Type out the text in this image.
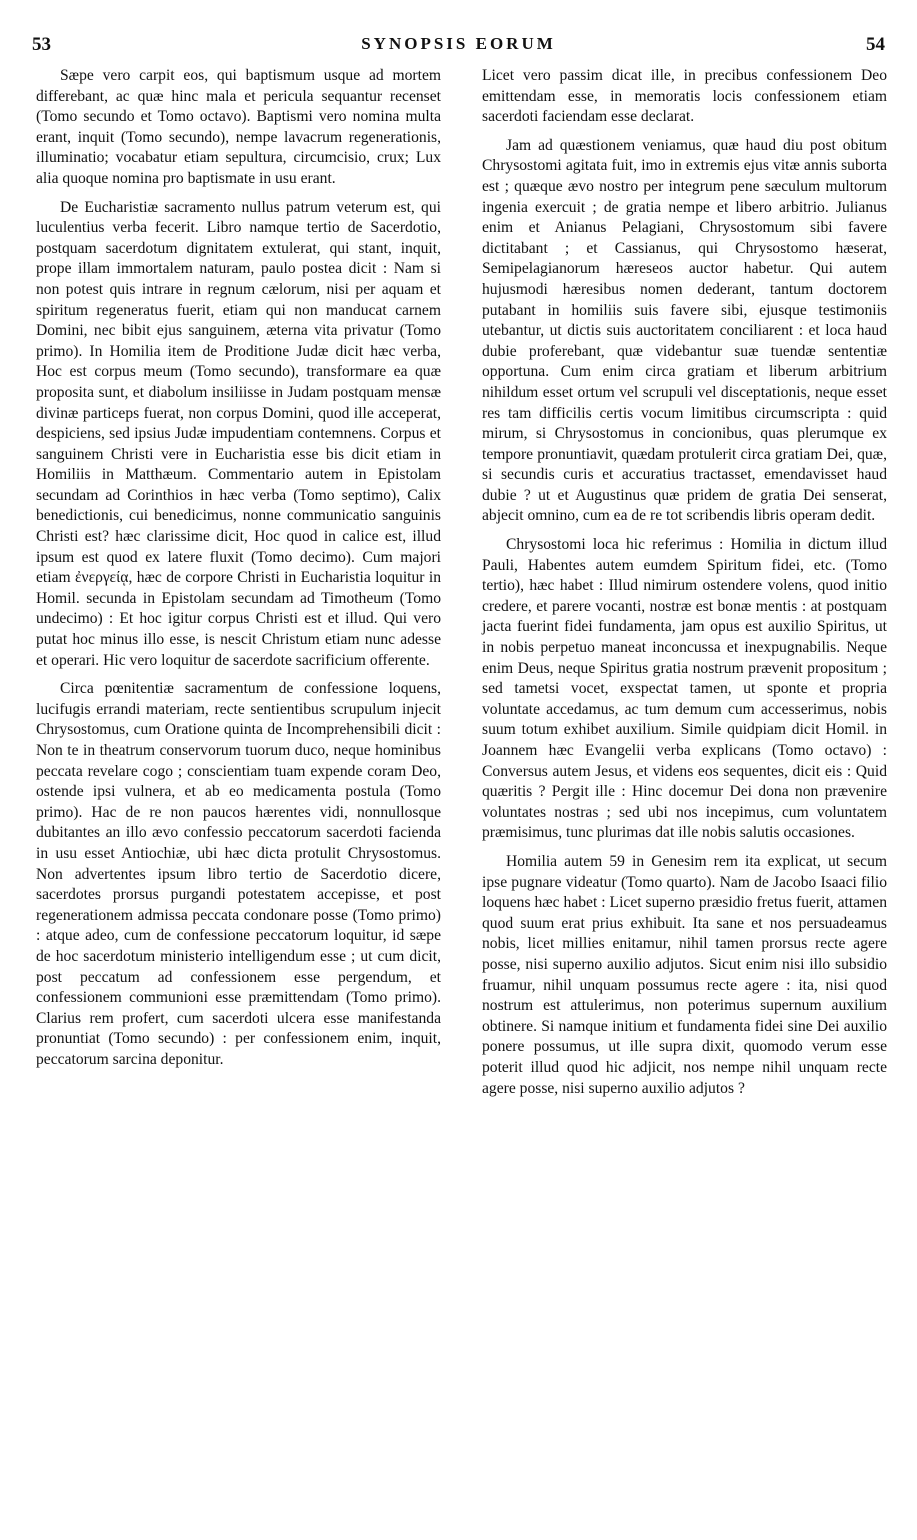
53	SYNOPSIS EORUM	54

Sæpe vero carpit eos, qui baptismum usque ad mortem differebant, ac quæ hinc mala et pericula sequantur recenset (Tomo secundo et Tomo octavo). Baptismi vero nomina multa erant, inquit (Tomo secundo), nempe lavacrum regenerationis, illuminatio; vocabatur etiam sepultura, circumcisio, crux; Lux alia quoque nomina pro baptismate in usu erant.

De Eucharistiæ sacramento nullus patrum veterum est, qui luculentius verba fecerit. Libro namque tertio de Sacerdotio, postquam sacerdotum dignitatem extulerat, qui stant, inquit, prope illam immortalem naturam, paulo postea dicit : Nam si non potest quis intrare in regnum cælorum, nisi per aquam et spiritum regeneratus fuerit, etiam qui non manducat carnem Domini, nec bibit ejus sanguinem, æterna vita privatur (Tomo primo). In Homilia item de Proditione Judæ dicit hæc verba, Hoc est corpus meum (Tomo secundo), transformare ea quæ proposita sunt, et diabolum insiliisse in Judam postquam mensæ divinæ particeps fuerat, non corpus Domini, quod ille acceperat, despiciens, sed ipsius Judæ impudentiam contemnens. Corpus et sanguinem Christi vere in Eucharistia esse bis dicit etiam in Homiliis in Matthæum. Commentario autem in Epistolam secundam ad Corinthios in hæc verba (Tomo septimo), Calix benedictionis, cui benedicimus, nonne communicatio sanguinis Christi est? hæc clarissime dicit, Hoc quod in calice est, illud ipsum est quod ex latere fluxit (Tomo decimo). Cum majori etiam ἐνεργείᾳ, hæc de corpore Christi in Eucharistia loquitur in Homil. secunda in Epistolam secundam ad Timotheum (Tomo undecimo) : Et hoc igitur corpus Christi est et illud. Qui vero putat hoc minus illo esse, is nescit Christum etiam nunc adesse et operari. Hic vero loquitur de sacerdote sacrificium offerente.

Circa pœnitentiæ sacramentum de confessione loquens, lucifugis errandi materiam, recte sentientibus scrupulum injecit Chrysostomus, cum Oratione quinta de Incomprehensibili dicit : Non te in theatrum conservorum tuorum duco, neque hominibus peccata revelare cogo ; conscientiam tuam expende coram Deo, ostende ipsi vulnera, et ab eo medicamenta postula (Tomo primo). Hac de re non paucos hærentes vidi, nonnullosque dubitantes an illo ævo confessio peccatorum sacerdoti facienda in usu esset Antiochiæ, ubi hæc dicta protulit Chrysostomus. Non advertentes ipsum libro tertio de Sacerdotio dicere, sacerdotes prorsus purgandi potestatem accepisse, et post regenerationem admissa peccata condonare posse (Tomo primo) : atque adeo, cum de confessione peccatorum loquitur, id sæpe de hoc sacerdotum ministerio intelligendum esse ; ut cum dicit, post peccatum ad confessionem esse pergendum, et confessionem communioni esse præmittendam (Tomo primo). Clarius rem profert, cum sacerdoti ulcera esse manifestanda pronuntiat (Tomo secundo) : per confessionem enim, inquit, peccatorum sarcina deponitur.

Licet vero passim dicat ille, in precibus confessionem Deo emittendam esse, in memoratis locis confessionem etiam sacerdoti faciendam esse declarat.

Jam ad quæstionem veniamus, quæ haud diu post obitum Chrysostomi agitata fuit, imo in extremis ejus vitæ annis suborta est ; quæque ævo nostro per integrum pene sæculum multorum ingenia exercuit ; de gratia nempe et libero arbitrio. Julianus enim et Anianus Pelagiani, Chrysostomum sibi favere dictitabant ; et Cassianus, qui Chrysostomo hæserat, Semipelagianorum hæreseos auctor habetur. Qui autem hujusmodi hæresibus nomen dederant, tantum doctorem putabant in homiliis suis favere sibi, ejusque testimoniis utebantur, ut dictis suis auctoritatem conciliarent : et loca haud dubie proferebant, quæ videbantur suæ tuendæ sententiæ opportuna. Cum enim circa gratiam et liberum arbitrium nihildum esset ortum vel scrupuli vel disceptationis, neque esset res tam difficilis certis vocum limitibus circumscripta : quid mirum, si Chrysostomus in concionibus, quas plerumque ex tempore pronuntiavit, quædam protulerit circa gratiam Dei, quæ, si secundis curis et accuratius tractasset, emendavisset haud dubie ? ut et Augustinus quæ pridem de gratia Dei senserat, abjecit omnino, cum ea de re tot scribendis libris operam dedit.

Chrysostomi loca hic referimus : Homilia in dictum illud Pauli, Habentes autem eumdem Spiritum fidei, etc. (Tomo tertio), hæc habet : Illud nimirum ostendere volens, quod initio credere, et parere vocanti, nostræ est bonæ mentis : at postquam jacta fuerint fidei fundamenta, jam opus est auxilio Spiritus, ut in nobis perpetuo maneat inconcussa et inexpugnabilis. Neque enim Deus, neque Spiritus gratia nostrum prævenit propositum ; sed tametsi vocet, exspectat tamen, ut sponte et propria voluntate accedamus, ac tum demum cum accesserimus, nobis suum totum exhibet auxilium. Simile quidpiam dicit Homil. in Joannem hæc Evangelii verba explicans (Tomo octavo) : Conversus autem Jesus, et videns eos sequentes, dicit eis : Quid quæritis ? Pergit ille : Hinc docemur Dei dona non prævenire voluntates nostras ; sed ubi nos incepimus, cum voluntatem præmisimus, tunc plurimas dat ille nobis salutis occasiones.

Homilia autem 59 in Genesim rem ita explicat, ut secum ipse pugnare videatur (Tomo quarto). Nam de Jacobo Isaaci filio loquens hæc habet : Licet superno præsidio fretus fuerit, attamen quod suum erat prius exhibuit. Ita sane et nos persuadeamus nobis, licet millies enitamur, nihil tamen prorsus recte agere posse, nisi superno auxilio adjutos. Sicut enim nisi illo subsidio fruamur, nihil unquam possumus recte agere : ita, nisi quod nostrum est attulerimus, non poterimus supernum auxilium obtinere. Si namque initium et fundamenta fidei sine Dei auxilio ponere possumus, ut ille supra dixit, quomodo verum esse poterit illud quod hic adjicit, nos nempe nihil unquam recte agere posse, nisi superno auxilio adjutos ?
